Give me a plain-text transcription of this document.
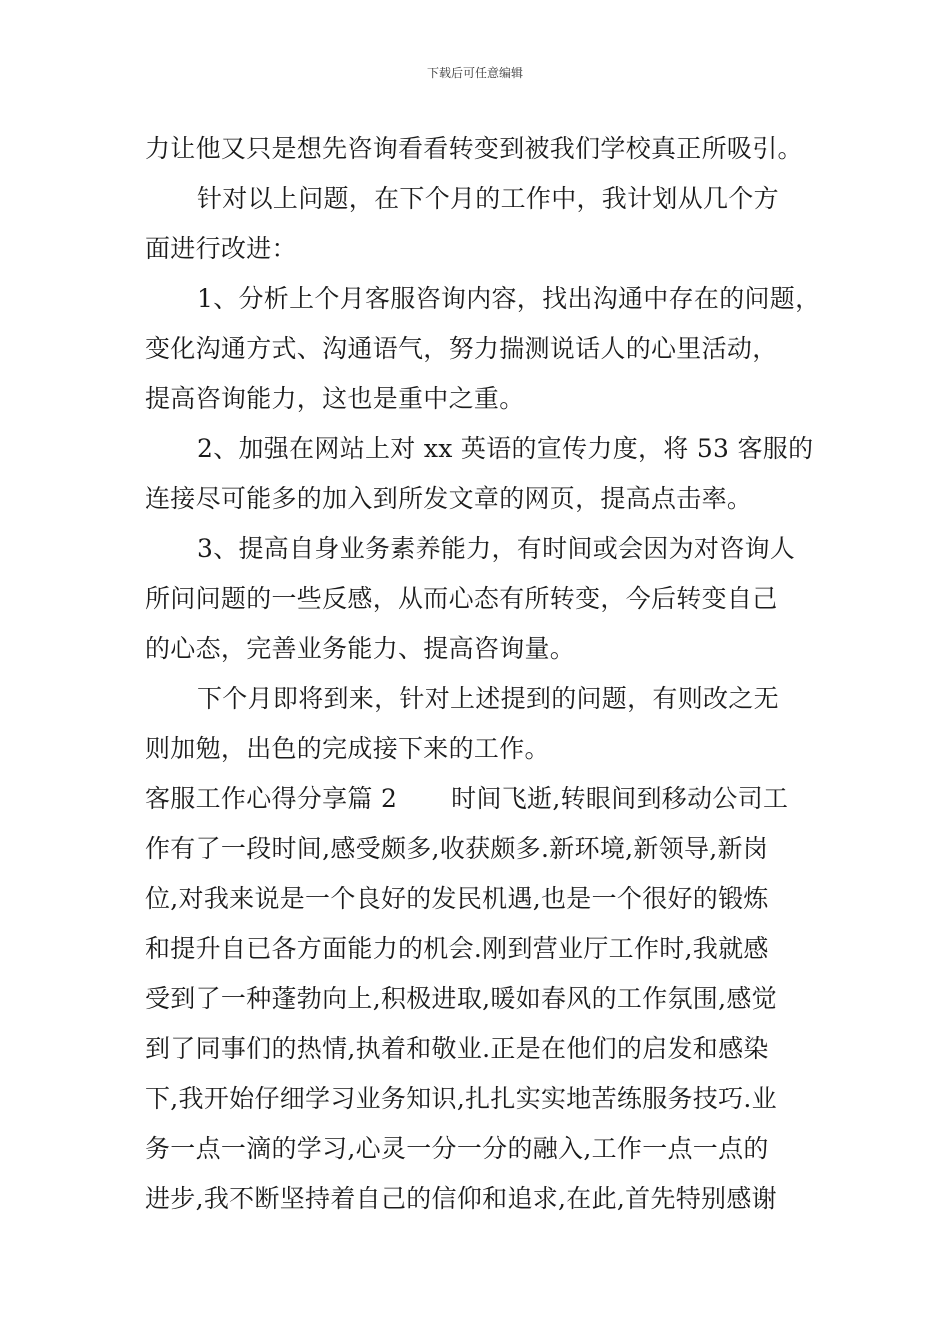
下载后可任意编辑
力让他又只是想先咨询看看转变到被我们学校真正所吸引。
针对以上问题，在下个月的工作中，我计划从几个方
面进行改进：
1、分析上个月客服咨询内容，找出沟通中存在的问题，
变化沟通方式、沟通语气，努力揣测说话人的心里活动，
提高咨询能力，这也是重中之重。
2、加强在网站上对 xx 英语的宣传力度，将 53 客服的
连接尽可能多的加入到所发文章的网页，提高点击率。
3、提高自身业务素养能力，有时间或会因为对咨询人
所问问题的一些反感，从而心态有所转变，今后转变自己
的心态，完善业务能力、提高咨询量。
下个月即将到来，针对上述提到的问题，有则改之无
则加勉，出色的完成接下来的工作。
客服工作心得分享篇 2 时间飞逝,转眼间到移动公司工
作有了一段时间,感受颇多,收获颇多.新环境,新领导,新岗
位,对我来说是一个良好的发民机遇,也是一个很好的锻炼
和提升自已各方面能力的机会.刚到营业厅工作时,我就感
受到了一种蓬勃向上,积极进取,暖如春风的工作氛围,感觉
到了同事们的热情,执着和敬业.正是在他们的启发和感染
下,我开始仔细学习业务知识,扎扎实实地苦练服务技巧.业
务一点一滴的学习,心灵一分一分的融入,工作一点一点的
进步,我不断坚持着自己的信仰和追求,在此,首先特别感谢
